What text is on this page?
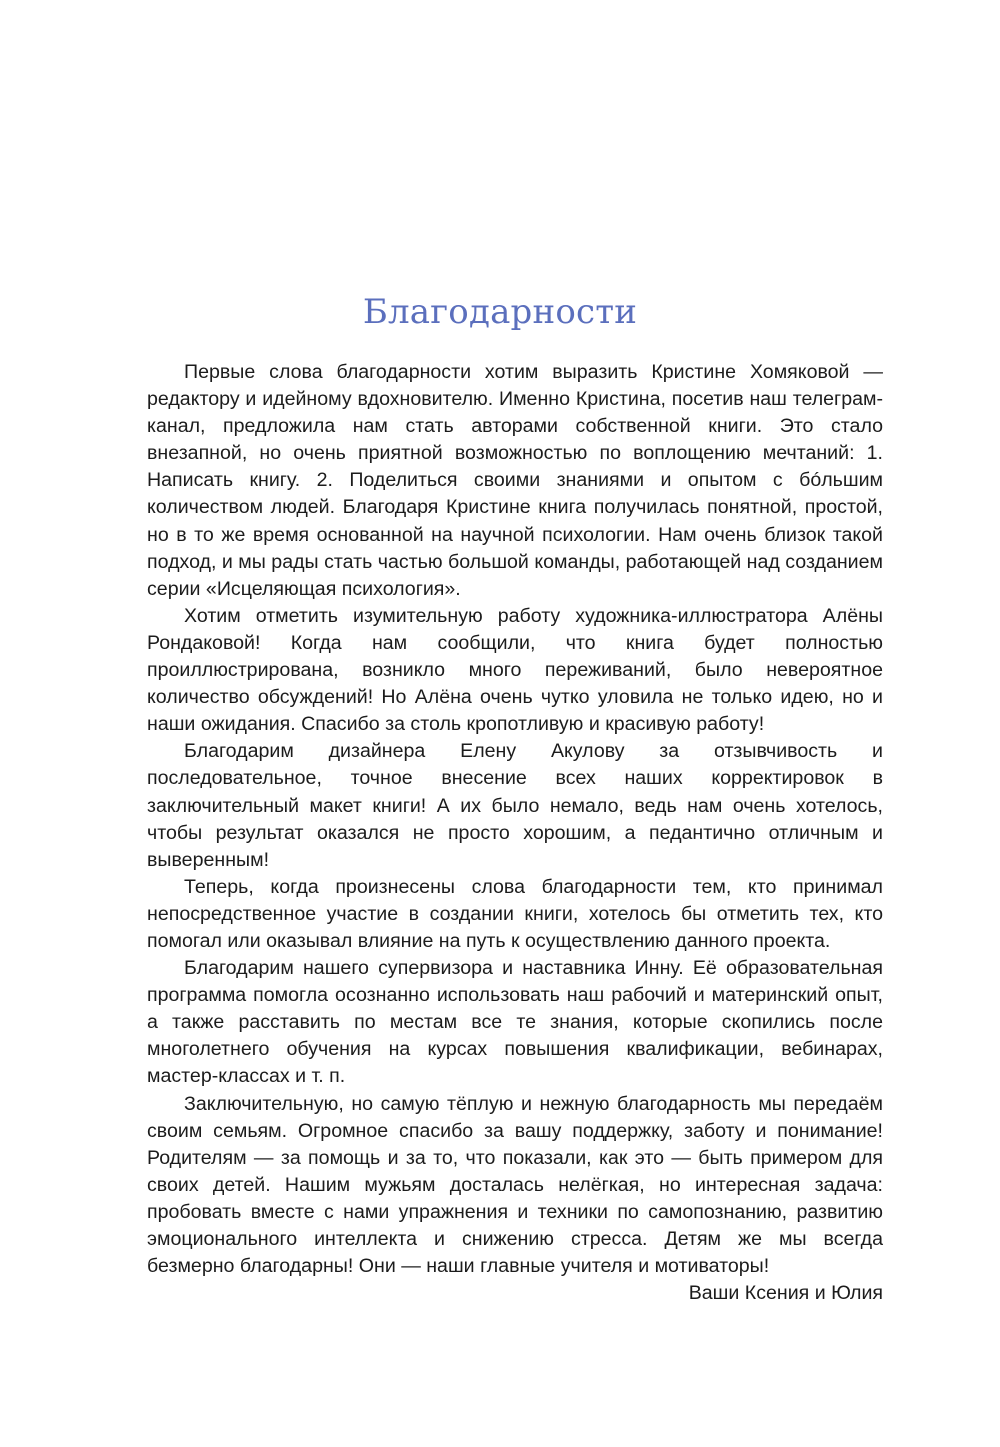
Благодарности

Первые слова благодарности хотим выразить Кристине Хомяковой — редактору и идейному вдохновителю. Именно Кристина, посетив наш телеграм-канал, предложила нам стать авторами собственной книги. Это стало внезапной, но очень приятной возможностью по воплощению мечтаний: 1. Написать книгу. 2. Поделиться своими знаниями и опытом с бóльшим количеством людей. Благодаря Кристине книга получилась понятной, простой, но в то же время основанной на научной психологии. Нам очень близок такой подход, и мы рады стать частью большой команды, работающей над созданием серии «Исцеляющая психология».

Хотим отметить изумительную работу художника-иллюстратора Алёны Рондаковой! Когда нам сообщили, что книга будет полностью проиллюстрирована, возникло много переживаний, было невероятное количество обсуждений! Но Алёна очень чутко уловила не только идею, но и наши ожидания. Спасибо за столь кропотливую и красивую работу!

Благодарим дизайнера Елену Акулову за отзывчивость и последовательное, точное внесение всех наших корректировок в заключительный макет книги! А их было немало, ведь нам очень хотелось, чтобы результат оказался не просто хорошим, а педантично отличным и выверенным!

Теперь, когда произнесены слова благодарности тем, кто принимал непосредственное участие в создании книги, хотелось бы отметить тех, кто помогал или оказывал влияние на путь к осуществлению данного проекта.

Благодарим нашего супервизора и наставника Инну. Её образовательная программа помогла осознанно использовать наш рабочий и материнский опыт, а также расставить по местам все те знания, которые скопились после многолетнего обучения на курсах повышения квалификации, вебинарах, мастер-классах и т. п.

Заключительную, но самую тёплую и нежную благодарность мы передаём своим семьям. Огромное спасибо за вашу поддержку, заботу и понимание! Родителям — за помощь и за то, что показали, как это — быть примером для своих детей. Нашим мужьям досталась нелёгкая, но интересная задача: пробовать вместе с нами упражнения и техники по самопознанию, развитию эмоционального интеллекта и снижению стресса. Детям же мы всегда безмерно благодарны! Они — наши главные учителя и мотиваторы!

Ваши Ксения и Юлия
